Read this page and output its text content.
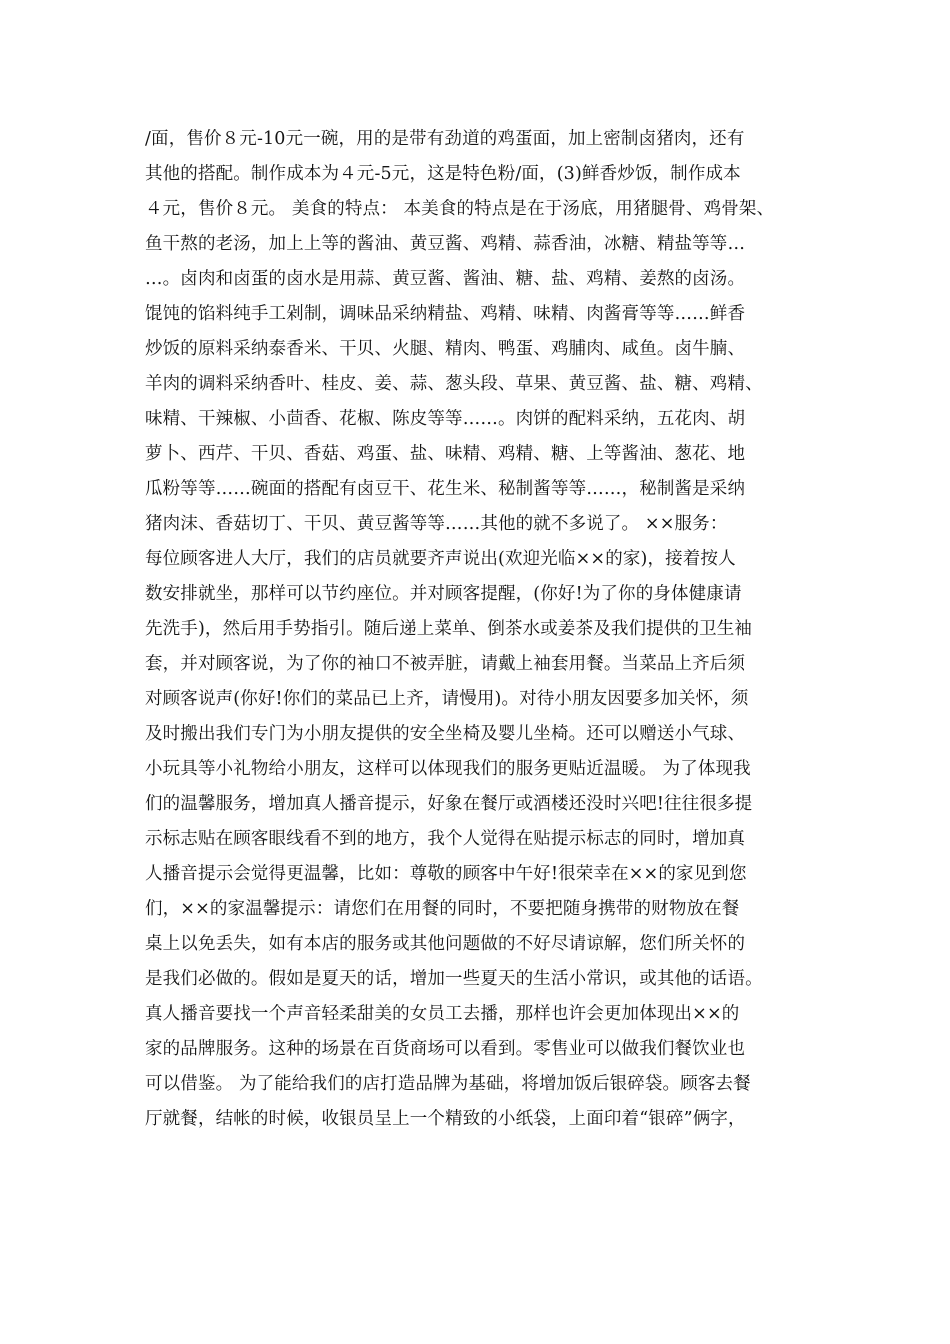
/面，售价８元-10元一碗，用的是带有劲道的鸡蛋面，加上密制卤猪肉，还有
其他的搭配。制作成本为４元-5元，这是特色粉/面，(3)鲜香炒饭，制作成本
４元，售价８元。 美食的特点： 本美食的特点是在于汤底，用猪腿骨、鸡骨架、
鱼干熬的老汤，加上上等的酱油、黄豆酱、鸡精、蒜香油，冰糖、精盐等等…
…。卤肉和卤蛋的卤水是用蒜、黄豆酱、酱油、糖、盐、鸡精、姜熬的卤汤。
馄饨的馅料纯手工剁制，调味品采纳精盐、鸡精、味精、肉酱膏等等……鲜香
炒饭的原料采纳泰香米、干贝、火腿、精肉、鸭蛋、鸡脯肉、咸鱼。卤牛腩、
羊肉的调料采纳香叶、桂皮、姜、蒜、葱头段、草果、黄豆酱、盐、糖、鸡精、
味精、干辣椒、小茴香、花椒、陈皮等等……。肉饼的配料采纳，五花肉、胡
萝卜、西芹、干贝、香菇、鸡蛋、盐、味精、鸡精、糖、上等酱油、葱花、地
瓜粉等等……碗面的搭配有卤豆干、花生米、秘制酱等等……，秘制酱是采纳
猪肉沫、香菇切丁、干贝、黄豆酱等等……其他的就不多说了。 ××服务：
每位顾客进人大厅，我们的店员就要齐声说出(欢迎光临××的家)，接着按人
数安排就坐，那样可以节约座位。并对顾客提醒，(你好!为了你的身体健康请
先洗手)，然后用手势指引。随后递上菜单、倒茶水或姜茶及我们提供的卫生袖
套，并对顾客说，为了你的袖口不被弄脏，请戴上袖套用餐。当菜品上齐后须
对顾客说声(你好!你们的菜品已上齐，请慢用)。对待小朋友因要多加关怀，须
及时搬出我们专门为小朋友提供的安全坐椅及婴儿坐椅。还可以赠送小气球、
小玩具等小礼物给小朋友，这样可以体现我们的服务更贴近温暖。 为了体现我
们的温馨服务，增加真人播音提示，好象在餐厅或酒楼还没时兴吧!往往很多提
示标志贴在顾客眼线看不到的地方，我个人觉得在贴提示标志的同时，增加真
人播音提示会觉得更温馨，比如：尊敬的顾客中午好!很荣幸在××的家见到您
们，××的家温馨提示：请您们在用餐的同时，不要把随身携带的财物放在餐
桌上以免丢失，如有本店的服务或其他问题做的不好尽请谅解，您们所关怀的
是我们必做的。假如是夏天的话，增加一些夏天的生活小常识，或其他的话语。
真人播音要找一个声音轻柔甜美的女员工去播，那样也许会更加体现出××的
家的品牌服务。这种的场景在百货商场可以看到。零售业可以做我们餐饮业也
可以借鉴。 为了能给我们的店打造品牌为基础，将增加饭后银碎袋。顾客去餐
厅就餐，结帐的时候，收银员呈上一个精致的小纸袋，上面印着“银碎”俩字，
